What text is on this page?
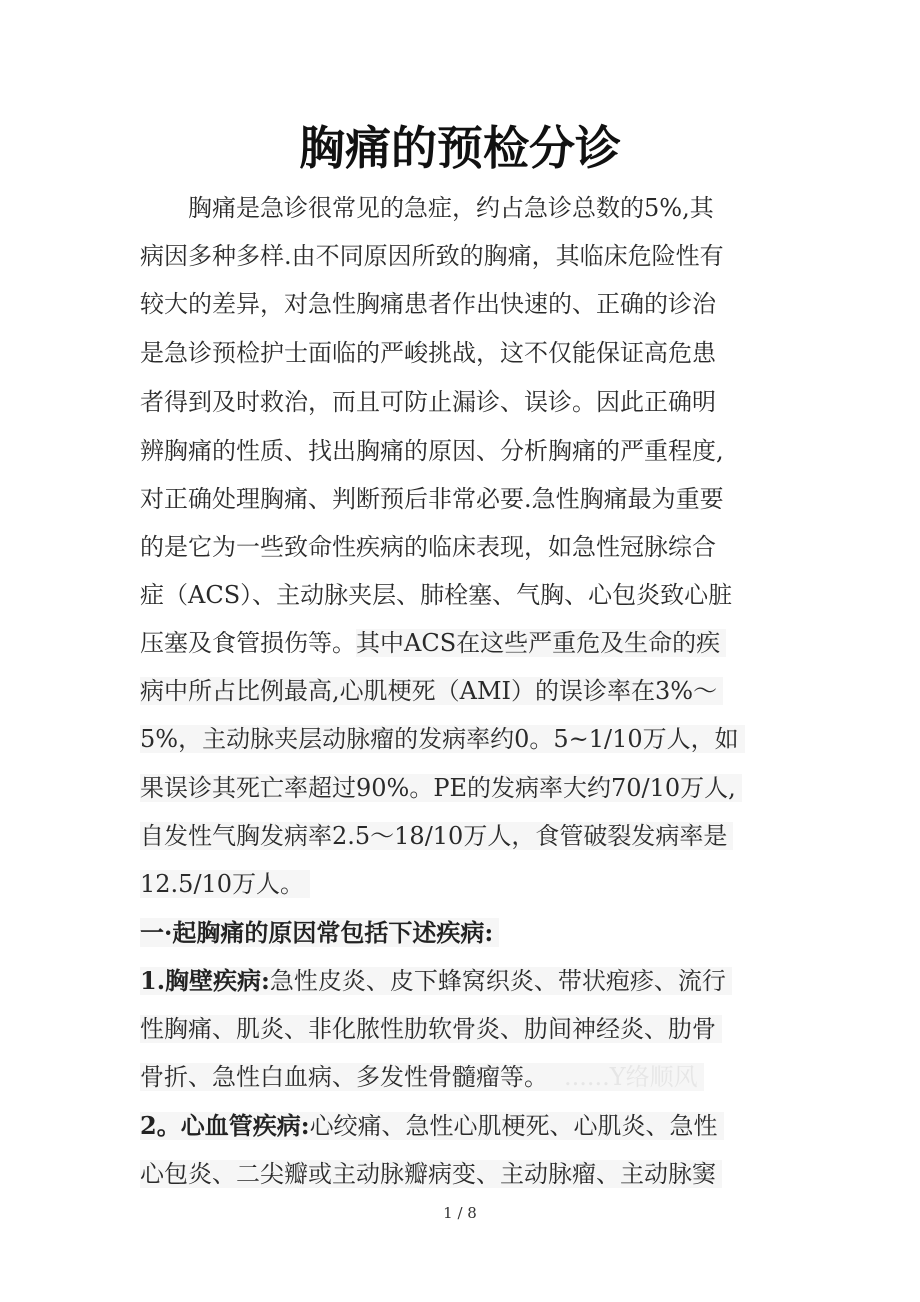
胸痛的预检分诊
　　胸痛是急诊很常见的急症，约占急诊总数的5%,其
病因多种多样.由不同原因所致的胸痛，其临床危险性有
较大的差异，对急性胸痛患者作出快速的、正确的诊治
是急诊预检护士面临的严峻挑战，这不仅能保证高危患
者得到及时救治，而且可防止漏诊、误诊。因此正确明
辨胸痛的性质、找出胸痛的原因、分析胸痛的严重程度,
对正确处理胸痛、判断预后非常必要.急性胸痛最为重要
的是它为一些致命性疾病的临床表现，如急性冠脉综合
症（ACS）、主动脉夹层、肺栓塞、气胸、心包炎致心脏
压塞及食管损伤等。其中ACS在这些严重危及生命的疾
病中所占比例最高,心肌梗死（AMI）的误诊率在3%～
5%，主动脉夹层动脉瘤的发病率约0。5~1/10万人，如
果误诊其死亡率超过90%。PE的发病率大约70/10万人,
自发性气胸发病率2.5～18/10万人，食管破裂发病率是
12.5/10万人。
一·起胸痛的原因常包括下述疾病:
1.胸壁疾病:急性皮炎、皮下蜂窝织炎、带状疱疹、流行
性胸痛、肌炎、非化脓性肋软骨炎、肋间神经炎、肋骨
骨折、急性白血病、多发性骨髓瘤等。 ......Y络顺风
2。心血管疾病:心绞痛、急性心肌梗死、心肌炎、急性
心包炎、二尖瓣或主动脉瓣病变、主动脉瘤、主动脉窦
1 / 8
